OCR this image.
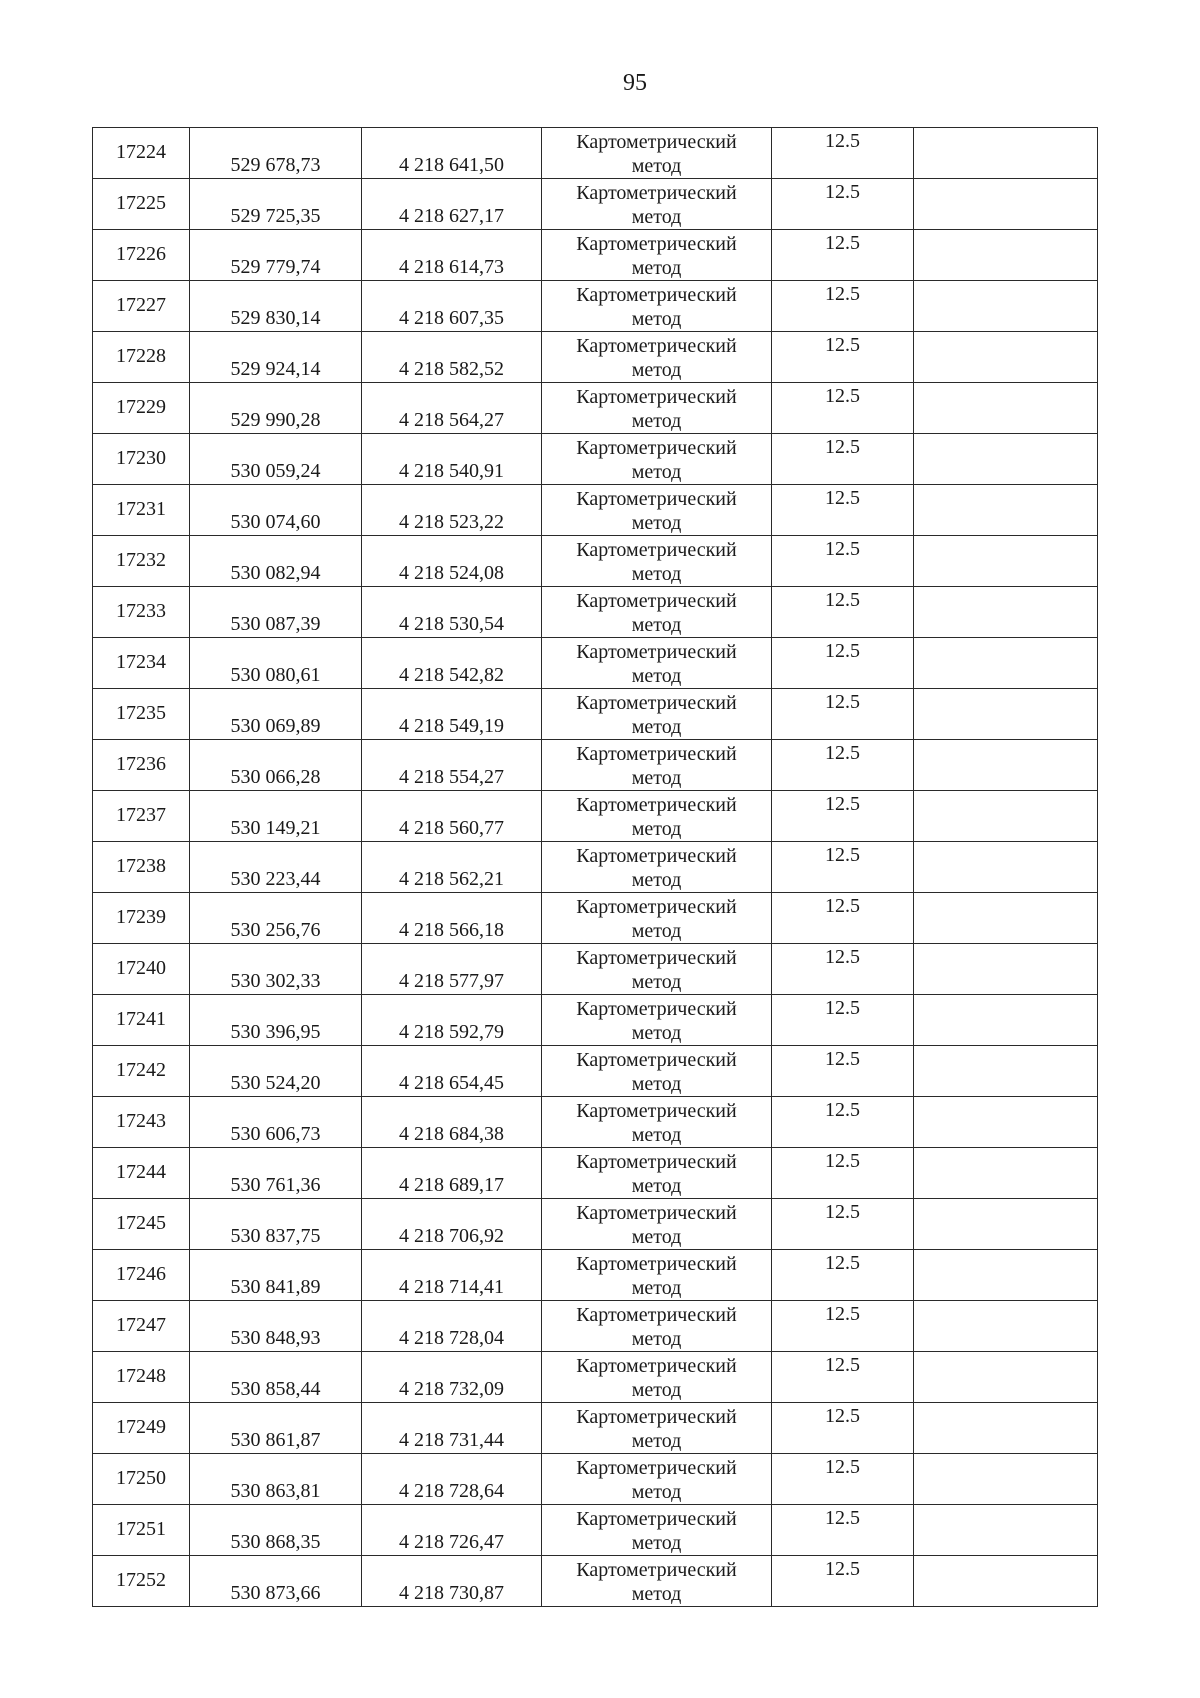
95
17224	529 678,73	4 218 641,50	Картометрический
метод	12.5	

17225	529 725,35	4 218 627,17	Картометрический
метод	12.5	

17226	529 779,74	4 218 614,73	Картометрический
метод	12.5	

17227	529 830,14	4 218 607,35	Картометрический
метод	12.5	

17228	529 924,14	4 218 582,52	Картометрический
метод	12.5	

17229	529 990,28	4 218 564,27	Картометрический
метод	12.5	

17230	530 059,24	4 218 540,91	Картометрический
метод	12.5	

17231	530 074,60	4 218 523,22	Картометрический
метод	12.5	

17232	530 082,94	4 218 524,08	Картометрический
метод	12.5	

17233	530 087,39	4 218 530,54	Картометрический
метод	12.5	

17234	530 080,61	4 218 542,82	Картометрический
метод	12.5	

17235	530 069,89	4 218 549,19	Картометрический
метод	12.5	

17236	530 066,28	4 218 554,27	Картометрический
метод	12.5	

17237	530 149,21	4 218 560,77	Картометрический
метод	12.5	

17238	530 223,44	4 218 562,21	Картометрический
метод	12.5	

17239	530 256,76	4 218 566,18	Картометрический
метод	12.5	

17240	530 302,33	4 218 577,97	Картометрический
метод	12.5	

17241	530 396,95	4 218 592,79	Картометрический
метод	12.5	

17242	530 524,20	4 218 654,45	Картометрический
метод	12.5	

17243	530 606,73	4 218 684,38	Картометрический
метод	12.5	

17244	530 761,36	4 218 689,17	Картометрический
метод	12.5	

17245	530 837,75	4 218 706,92	Картометрический
метод	12.5	

17246	530 841,89	4 218 714,41	Картометрический
метод	12.5	

17247	530 848,93	4 218 728,04	Картометрический
метод	12.5	

17248	530 858,44	4 218 732,09	Картометрический
метод	12.5	

17249	530 861,87	4 218 731,44	Картометрический
метод	12.5	

17250	530 863,81	4 218 728,64	Картометрический
метод	12.5	

17251	530 868,35	4 218 726,47	Картометрический
метод	12.5	

17252	530 873,66	4 218 730,87	Картометрический
метод	12.5	
